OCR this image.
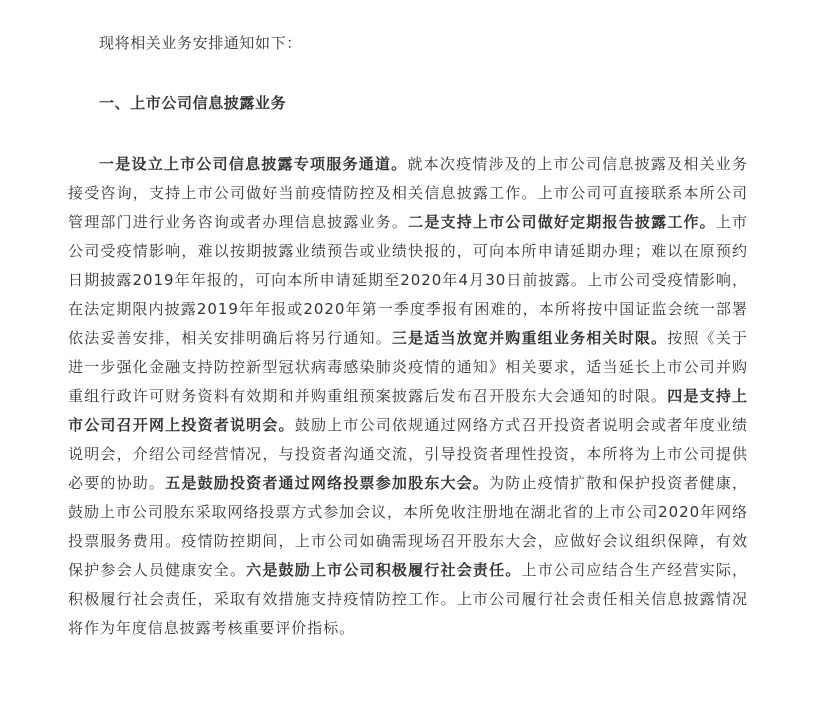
现将相关业务安排通知如下：

一、上市公司信息披露业务

一是设立上市公司信息披露专项服务通道。就本次疫情涉及的上市公司信息披露及相关业务接受咨询，支持上市公司做好当前疫情防控及相关信息披露工作。上市公司可直接联系本所公司管理部门进行业务咨询或者办理信息披露业务。二是支持上市公司做好定期报告披露工作。上市公司受疫情影响，难以按期披露业绩预告或业绩快报的，可向本所申请延期办理；难以在原预约日期披露2019年年报的，可向本所申请延期至2020年4月30日前披露。上市公司受疫情影响，在法定期限内披露2019年年报或2020年第一季度季报有困难的，本所将按中国证监会统一部署依法妥善安排，相关安排明确后将另行通知。三是适当放宽并购重组业务相关时限。按照《关于进一步强化金融支持防控新型冠状病毒感染肺炎疫情的通知》相关要求，适当延长上市公司并购重组行政许可财务资料有效期和并购重组预案披露后发布召开股东大会通知的时限。四是支持上市公司召开网上投资者说明会。鼓励上市公司依规通过网络方式召开投资者说明会或者年度业绩说明会，介绍公司经营情况，与投资者沟通交流，引导投资者理性投资，本所将为上市公司提供必要的协助。五是鼓励投资者通过网络投票参加股东大会。为防止疫情扩散和保护投资者健康，鼓励上市公司股东采取网络投票方式参加会议，本所免收注册地在湖北省的上市公司2020年网络投票服务费用。疫情防控期间，上市公司如确需现场召开股东大会，应做好会议组织保障，有效保护参会人员健康安全。六是鼓励上市公司积极履行社会责任。上市公司应结合生产经营实际，积极履行社会责任，采取有效措施支持疫情防控工作。上市公司履行社会责任相关信息披露情况将作为年度信息披露考核重要评价指标。
